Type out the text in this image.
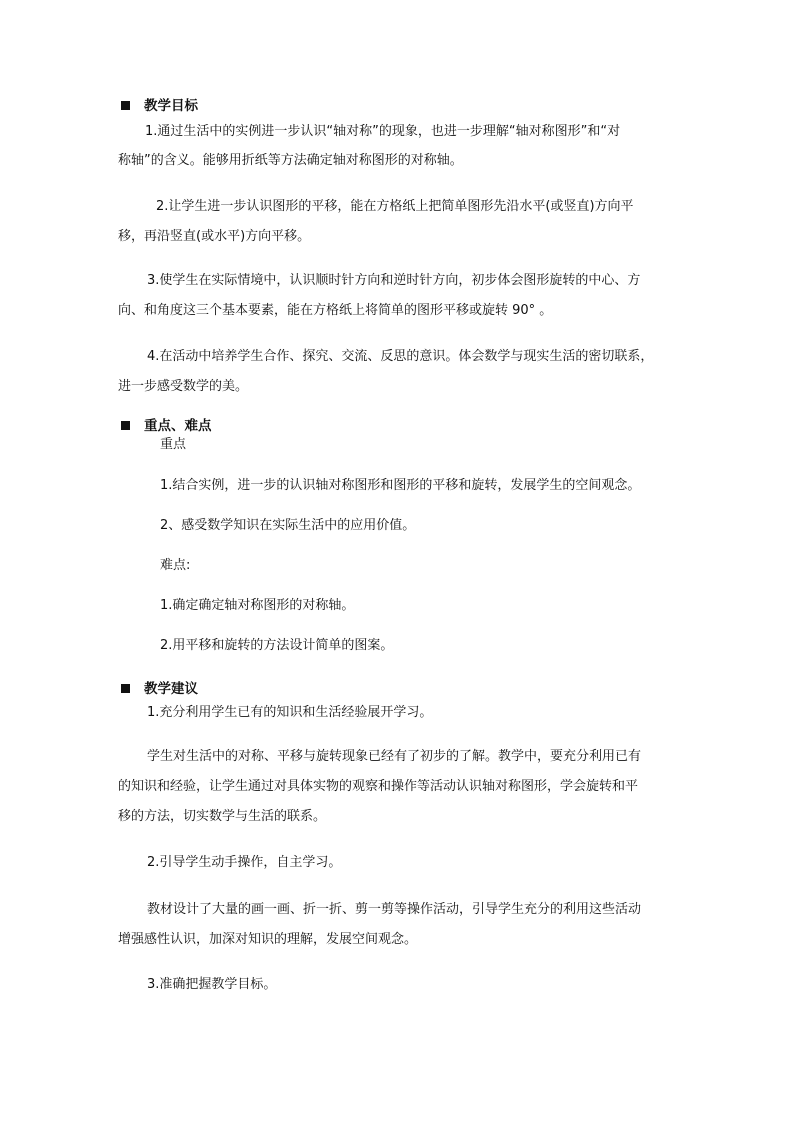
教学目标
1.通过生活中的实例进一步认识“轴对称”的现象，也进一步理解“轴对称图形”和“对
称轴”的含义。能够用折纸等方法确定轴对称图形的对称轴。
2.让学生进一步认识图形的平移，能在方格纸上把简单图形先沿水平(或竖直)方向平
移，再沿竖直(或水平)方向平移。
3.使学生在实际情境中，认识顺时针方向和逆时针方向，初步体会图形旋转的中心、方
向、和角度这三个基本要素，能在方格纸上将简单的图形平移或旋转 90° 。
4.在活动中培养学生合作、探究、交流、反思的意识。体会数学与现实生活的密切联系，
进一步感受数学的美。
重点、难点
重点
1.结合实例，进一步的认识轴对称图形和图形的平移和旋转，发展学生的空间观念。
2、感受数学知识在实际生活中的应用价值。
难点:
1.确定确定轴对称图形的对称轴。
2.用平移和旋转的方法设计简单的图案。
教学建议
1.充分利用学生已有的知识和生活经验展开学习。
学生对生活中的对称、平移与旋转现象已经有了初步的了解。教学中，要充分利用已有
的知识和经验，让学生通过对具体实物的观察和操作等活动认识轴对称图形，学会旋转和平
移的方法，切实数学与生活的联系。
2.引导学生动手操作，自主学习。
教材设计了大量的画一画、折一折、剪一剪等操作活动，引导学生充分的利用这些活动
增强感性认识，加深对知识的理解，发展空间观念。
3.准确把握教学目标。
